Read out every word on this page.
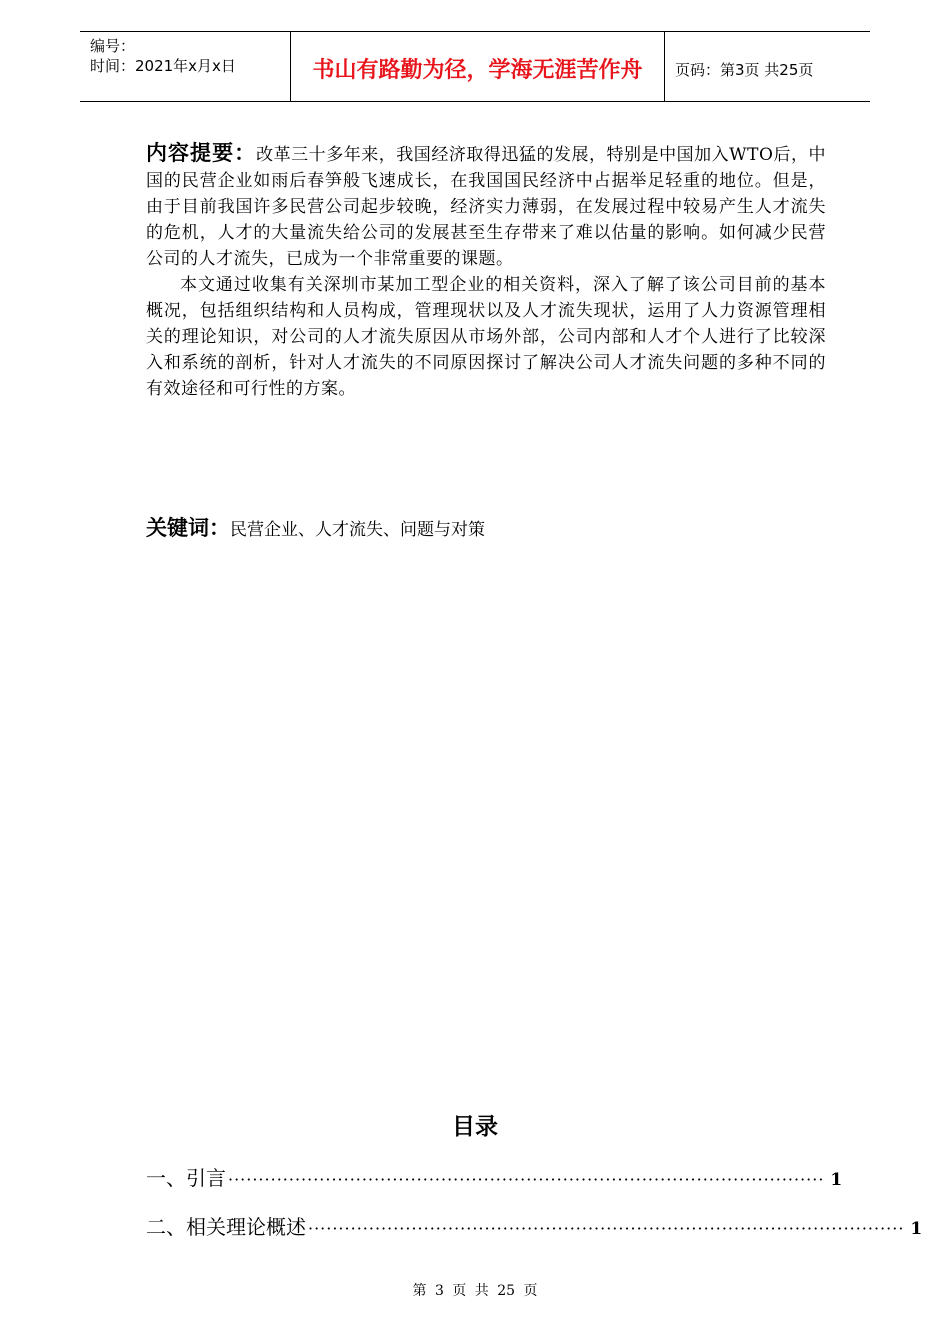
编号：
时间：2021年x月x日	书山有路勤为径，学海无涯苦作舟 页码：第3页 共25页

内容提要：改革三十多年来，我国经济取得迅猛的发展，特别是中国加入WTO后，中国的民营企业如雨后春笋般飞速成长，在我国国民经济中占据举足轻重的地位。但是，由于目前我国许多民营公司起步较晚，经济实力薄弱，在发展过程中较易产生人才流失的危机，人才的大量流失给公司的发展甚至生存带来了难以估量的影响。如何减少民营公司的人才流失，已成为一个非常重要的课题。

本文通过收集有关深圳市某加工型企业的相关资料，深入了解了该公司目前的基本概况，包括组织结构和人员构成，管理现状以及人才流失现状，运用了人力资源管理相关的理论知识，对公司的人才流失原因从市场外部，公司内部和人才个人进行了比较深入和系统的剖析，针对人才流失的不同原因探讨了解决公司人才流失问题的多种不同的有效途径和可行性的方案。

关键词：民营企业、人才流失、问题与对策
目录
一、 引言 ·································································································· 1
二、 相关理论概述 ·································································································· 1
第 3 页 共 25 页
